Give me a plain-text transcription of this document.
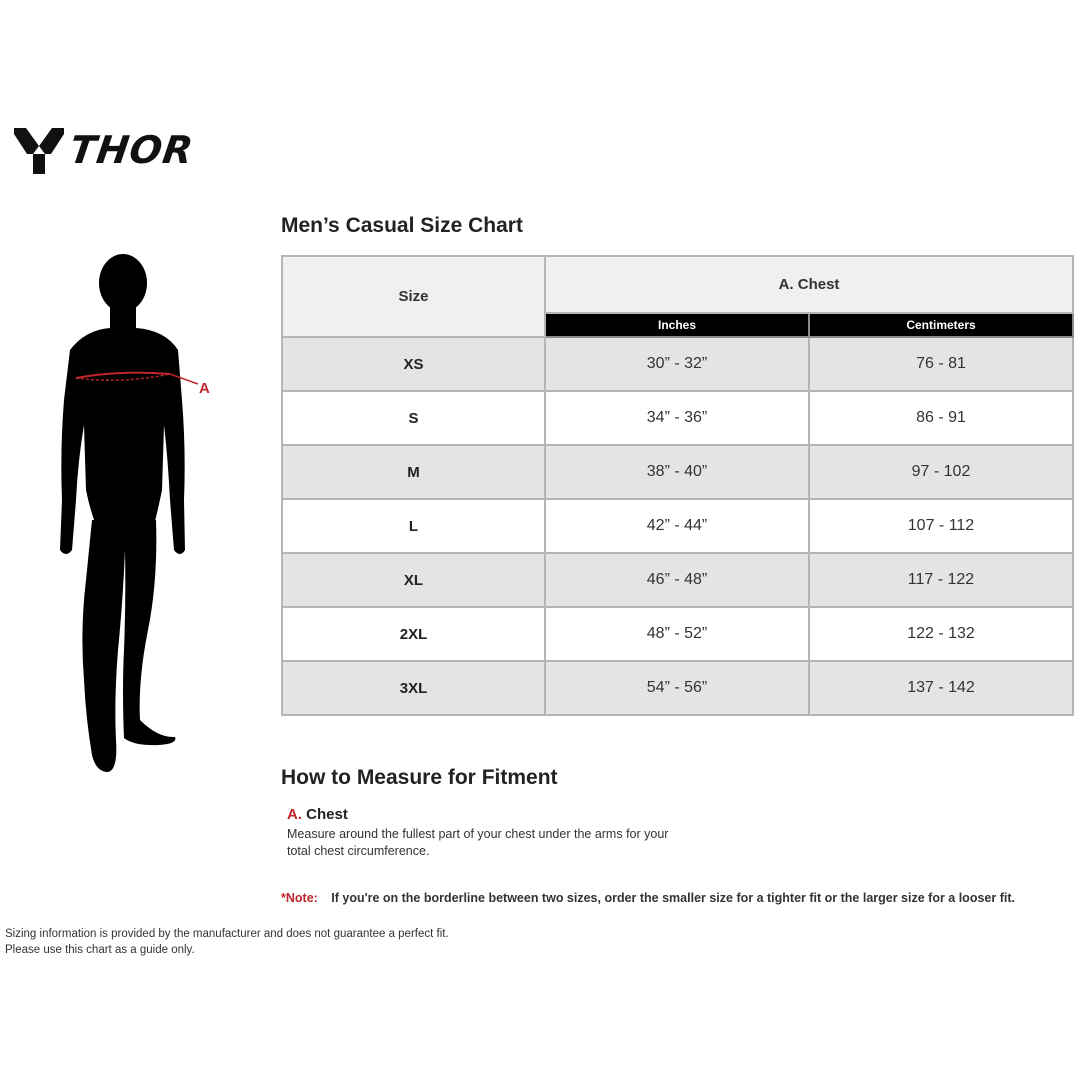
THOR
A
Men’s Casual Size Chart
Size	A. Chest	
	Inches	Centimeters
XS	30” - 32”	76 - 81
S	34” - 36”	86 - 91
M	38” - 40”	97 - 102
L	42” - 44”	107 - 112
XL	46” - 48”	117 - 122
2XL	48” - 52”	122 - 132
3XL	54” - 56”	137 - 142
How to Measure for Fitment
A. Chest
Measure around the fullest part of your chest under the arms for your
total chest circumference.
*Note: If you're on the borderline between two sizes, order the smaller size for a tighter fit or the larger size for a looser fit.
Sizing information is provided by the manufacturer and does not guarantee a perfect fit.
Please use this chart as a guide only.
